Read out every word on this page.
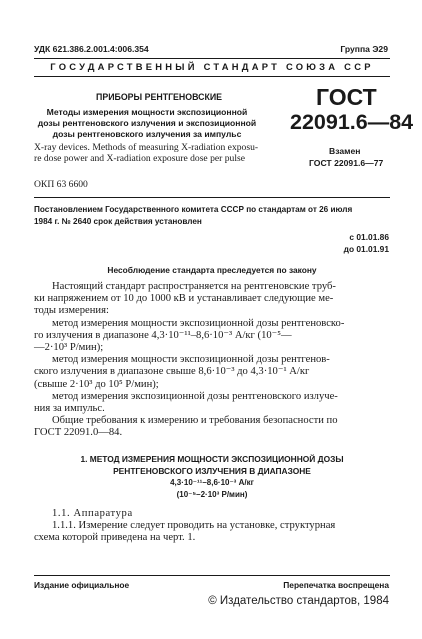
УДК 621.386.2.001.4:006.354	Группа Э29
ГОСУДАРСТВЕННЫЙ СТАНДАРТ СОЮЗА ССР
ПРИБОРЫ РЕНТГЕНОВСКИЕ
Методы измерения мощности экспозиционной
дозы рентгеновского излучения и экспозиционной
дозы рентгеновского излучения за импульс
X-ray devices. Methods of measuring X-radiation exposu-
re dose power and X-radiation exposure dose per pulse
ОКП 63 6600
ГОСТ
22091.6—84
Взамен
ГОСТ 22091.6—77
Постановлением Государственного комитета СССР по стандартам от 26 июля
1984 г. № 2640 срок действия установлен
с 01.01.86
до 01.01.91
Несоблюдение стандарта преследуется по закону
Настоящий стандарт распространяется на рентгеновские труб-
ки напряжением от 10 до 1000 кВ и устанавливает следующие ме-
тоды измерения:
метод измерения мощности экспозиционной дозы рентгеновско-
го излучения в диапазоне 4,3·10⁻¹¹–8,6·10⁻³ А/кг (10⁻⁵—
—2·10³ Р/мин);
метод измерения мощности экспозиционной дозы рентгенов-
ского излучения в диапазоне свыше 8,6·10⁻³ до 4,3·10⁻¹ А/кг
(свыше 2·10³ до 10⁵ Р/мин);
метод измерения экспозиционной дозы рентгеновского излуче-
ния за импульс.
Общие требования к измерению и требования безопасности по
ГОСТ 22091.0—84.
1. МЕТОД ИЗМЕРЕНИЯ МОЩНОСТИ ЭКСПОЗИЦИОННОЙ ДОЗЫ
РЕНТГЕНОВСКОГО ИЗЛУЧЕНИЯ В ДИАПАЗОНЕ
4,3·10⁻¹¹–8,6·10⁻³ А/кг
(10⁻⁵–2·10³ Р/мин)
1.1. Аппаратура
1.1.1. Измерение следует проводить на установке, структурная
схема которой приведена на черт. 1.
Издание официальное	Перепечатка воспрещена
© Издательство стандартов, 1984
